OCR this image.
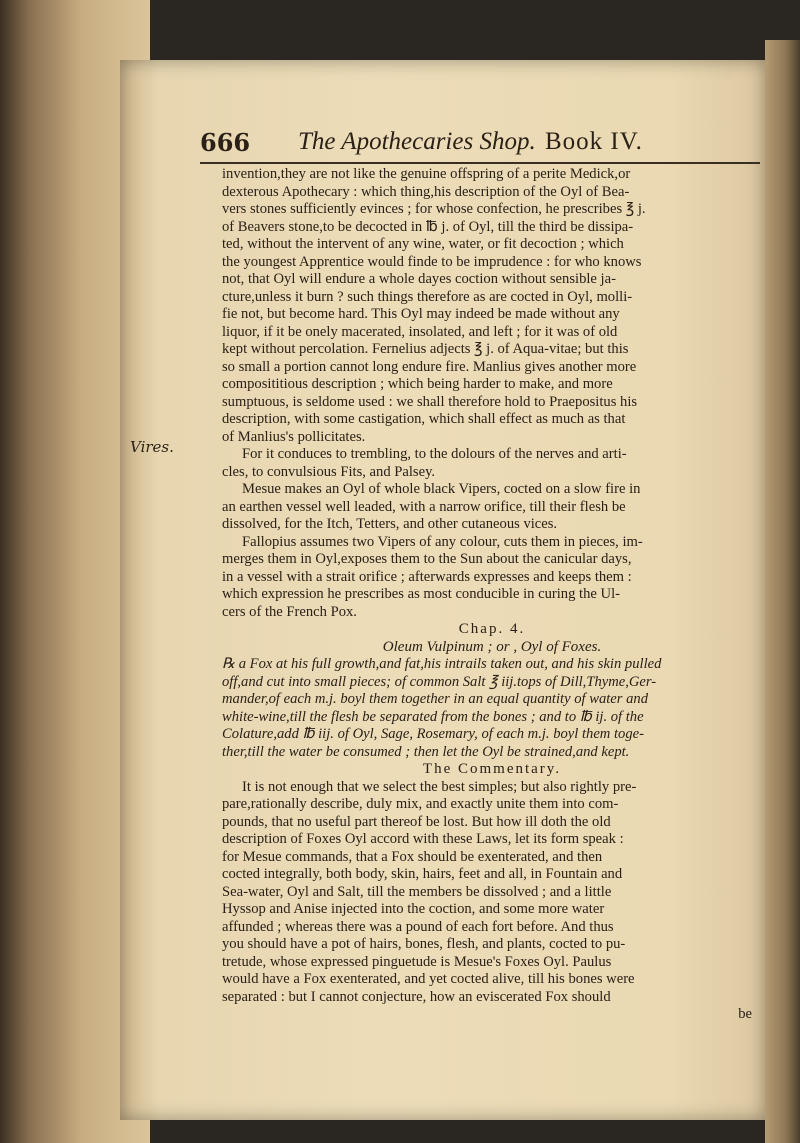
666 The Apothecaries Shop. Book IV.
Vires.
invention,they are not like the genuine offspring of a perite Medick,or
dexterous Apothecary : which thing,his description of the Oyl of Bea-
vers stones sufficiently evinces ; for whose confection, he prescribes ℥ j.
of Beavers stone,to be decocted in ℔ j. of Oyl, till the third be dissipa-
ted, without the intervent of any wine, water, or fit decoction ; which
the youngest Apprentice would finde to be imprudence : for who knows
not, that Oyl will endure a whole dayes coction without sensible ja-
cture,unless it burn ? such things therefore as are cocted in Oyl, molli-
fie not, but become hard. This Oyl may indeed be made without any
liquor, if it be onely macerated, insolated, and left ; for it was of old
kept without percolation. Fernelius adjects ℥ j. of Aqua-vitae; but this
so small a portion cannot long endure fire. Manlius gives another more
composititious description ; which being harder to make, and more
sumptuous, is seldome used : we shall therefore hold to Praepositus his
description, with some castigation, which shall effect as much as that
of Manlius's pollicitates.
For it conduces to trembling, to the dolours of the nerves and arti-
cles, to convulsious Fits, and Palsey.
Mesue makes an Oyl of whole black Vipers, cocted on a slow fire in
an earthen vessel well leaded, with a narrow orifice, till their flesh be
dissolved, for the Itch, Tetters, and other cutaneous vices.
Fallopius assumes two Vipers of any colour, cuts them in pieces, im-
merges them in Oyl,exposes them to the Sun about the canicular days,
in a vessel with a strait orifice ; afterwards expresses and keeps them :
which expression he prescribes as most conducible in curing the Ul-
cers of the French Pox.
Chap. 4.
Oleum Vulpinum ; or , Oyl of Foxes.
℞ a Fox at his full growth,and fat,his intrails taken out, and his skin pulled
off,and cut into small pieces; of common Salt ℥ iij.tops of Dill,Thyme,Ger-
mander,of each m.j. boyl them together in an equal quantity of water and
white-wine,till the flesh be separated from the bones ; and to ℔ ij. of the
Colature,add ℔ iij. of Oyl, Sage, Rosemary, of each m.j. boyl them toge-
ther,till the water be consumed ; then let the Oyl be strained,and kept.
The Commentary.
It is not enough that we select the best simples; but also rightly pre-
pare,rationally describe, duly mix, and exactly unite them into com-
pounds, that no useful part thereof be lost. But how ill doth the old
description of Foxes Oyl accord with these Laws, let its form speak :
for Mesue commands, that a Fox should be exenterated, and then
cocted integrally, both body, skin, hairs, feet and all, in Fountain and
Sea-water, Oyl and Salt, till the members be dissolved ; and a little
Hyssop and Anise injected into the coction, and some more water
affunded ; whereas there was a pound of each fort before. And thus
you should have a pot of hairs, bones, flesh, and plants, cocted to pu-
tretude, whose expressed pinguetude is Mesue's Foxes Oyl. Paulus
would have a Fox exenterated, and yet cocted alive, till his bones were
separated : but I cannot conjecture, how an eviscerated Fox should
be
